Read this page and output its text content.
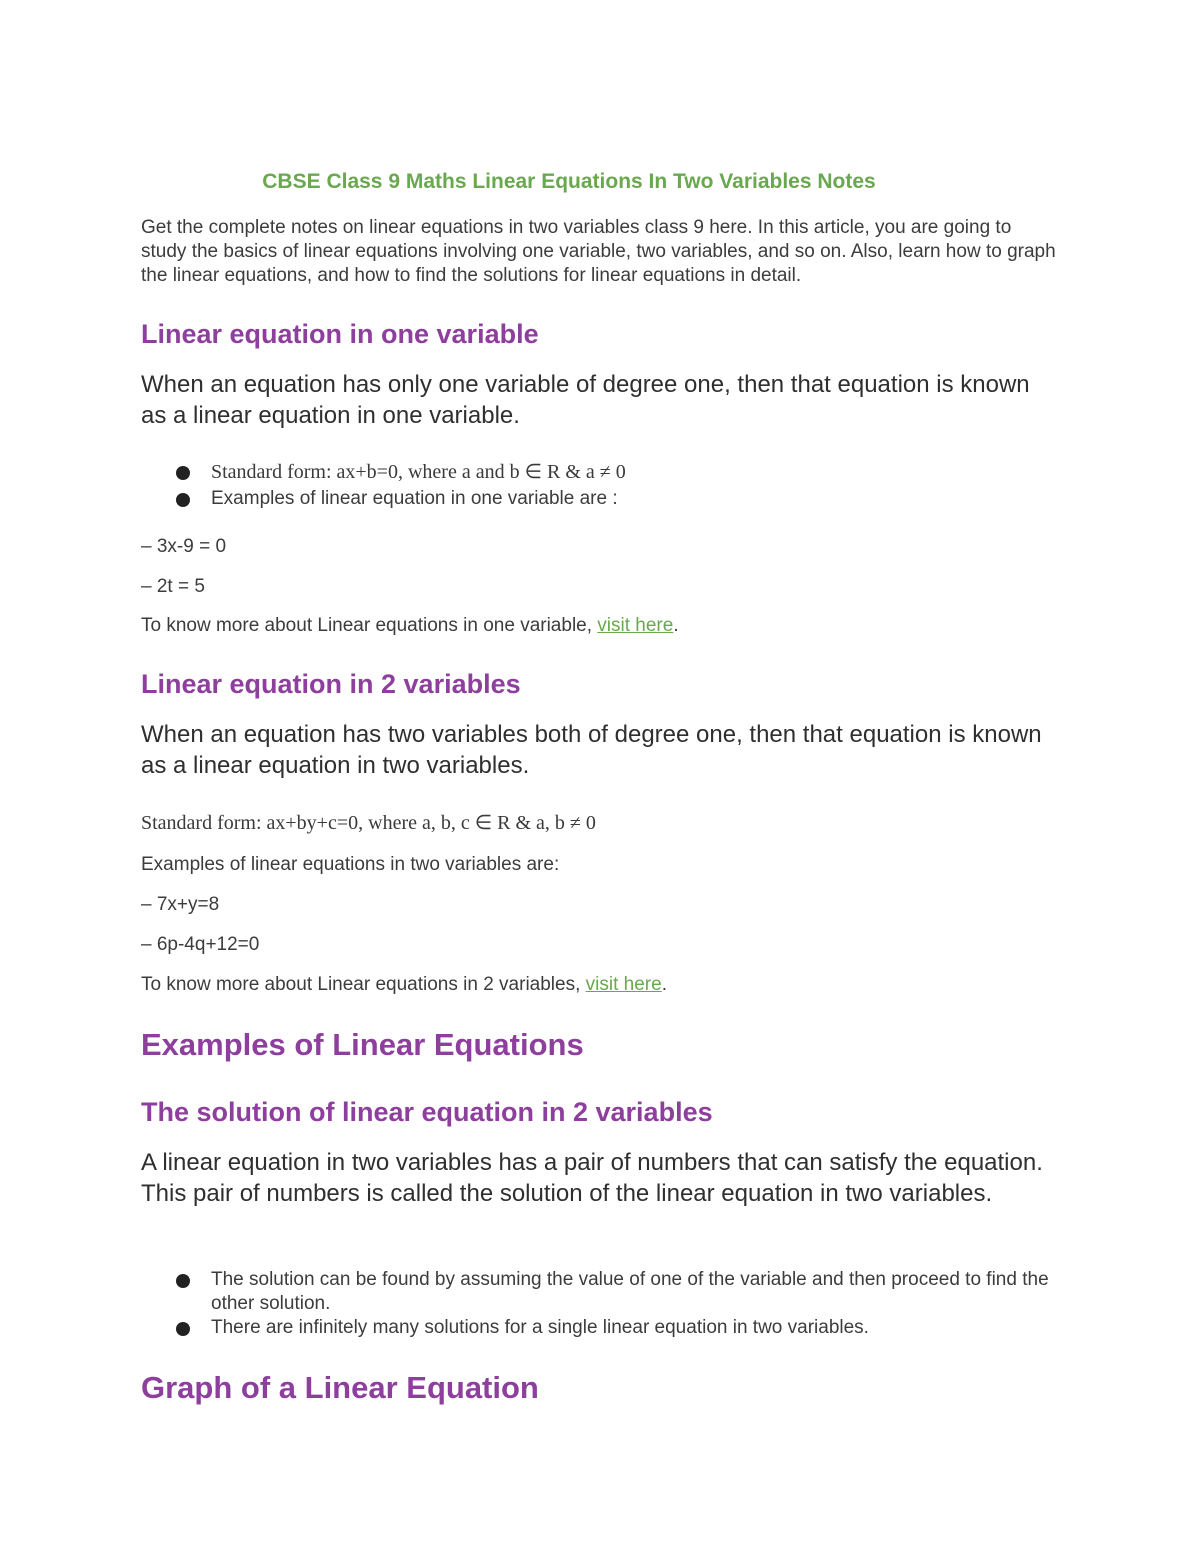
CBSE Class 9 Maths Linear Equations In Two Variables Notes

Get the complete notes on linear equations in two variables class 9 here. In this article, you are going to study the basics of linear equations involving one variable, two variables, and so on. Also, learn how to graph the linear equations, and how to find the solutions for linear equations in detail.

Linear equation in one variable

When an equation has only one variable of degree one, then that equation is known as a linear equation in one variable.

Standard form: ax+b=0, where a and b ∈ R & a ≠ 0
Examples of linear equation in one variable are :

– 3x-9 = 0

– 2t = 5

To know more about Linear equations in one variable, visit here.

Linear equation in 2 variables

When an equation has two variables both of degree one, then that equation is known as a linear equation in two variables.

Standard form: ax+by+c=0, where a, b, c ∈ R & a, b ≠ 0

Examples of linear equations in two variables are:

– 7x+y=8

– 6p-4q+12=0

To know more about Linear equations in 2 variables, visit here.

Examples of Linear Equations
The solution of linear equation in 2 variables

A linear equation in two variables has a pair of numbers that can satisfy the equation. This pair of numbers is called the solution of the linear equation in two variables.

The solution can be found by assuming the value of one of the variable and then proceed to find the other solution.
There are infinitely many solutions for a single linear equation in two variables.
Graph of a Linear Equation
